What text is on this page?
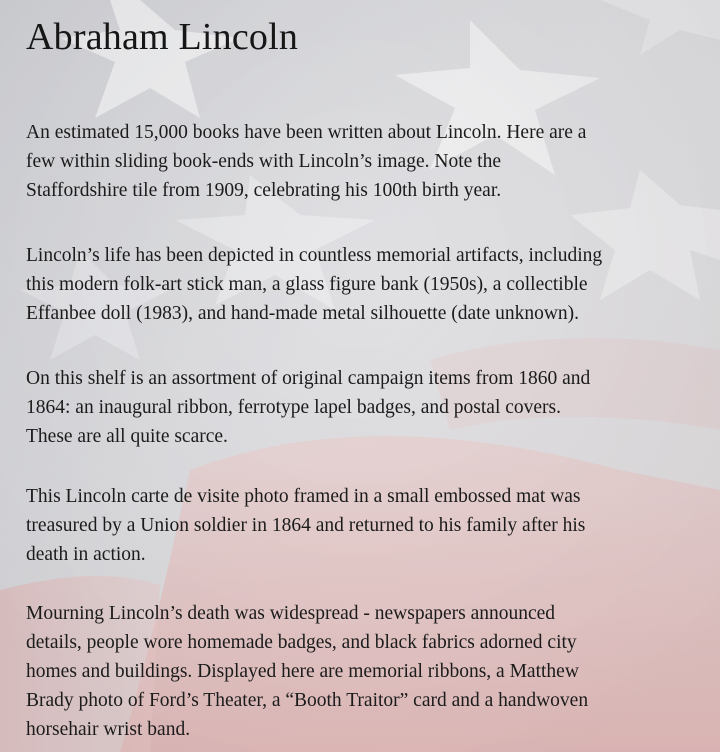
Abraham Lincoln

An estimated 15,000 books have been written about Lincoln. Here are a
few within sliding book-ends with Lincoln’s image. Note the
Staffordshire tile from 1909, celebrating his 100th birth year.

Lincoln’s life has been depicted in countless memorial artifacts, including
this modern folk-art stick man, a glass figure bank (1950s), a collectible
Effanbee doll (1983), and hand-made metal silhouette (date unknown).

On this shelf is an assortment of original campaign items from 1860 and
1864: an inaugural ribbon, ferrotype lapel badges, and postal covers.
These are all quite scarce.

This Lincoln carte de visite photo framed in a small embossed mat was
treasured by a Union soldier in 1864 and returned to his family after his
death in action.

Mourning Lincoln’s death was widespread - newspapers announced
details, people wore homemade badges, and black fabrics adorned city
homes and buildings. Displayed here are memorial ribbons, a Matthew
Brady photo of Ford’s Theater, a “Booth Traitor” card and a handwoven
horsehair wrist band.
